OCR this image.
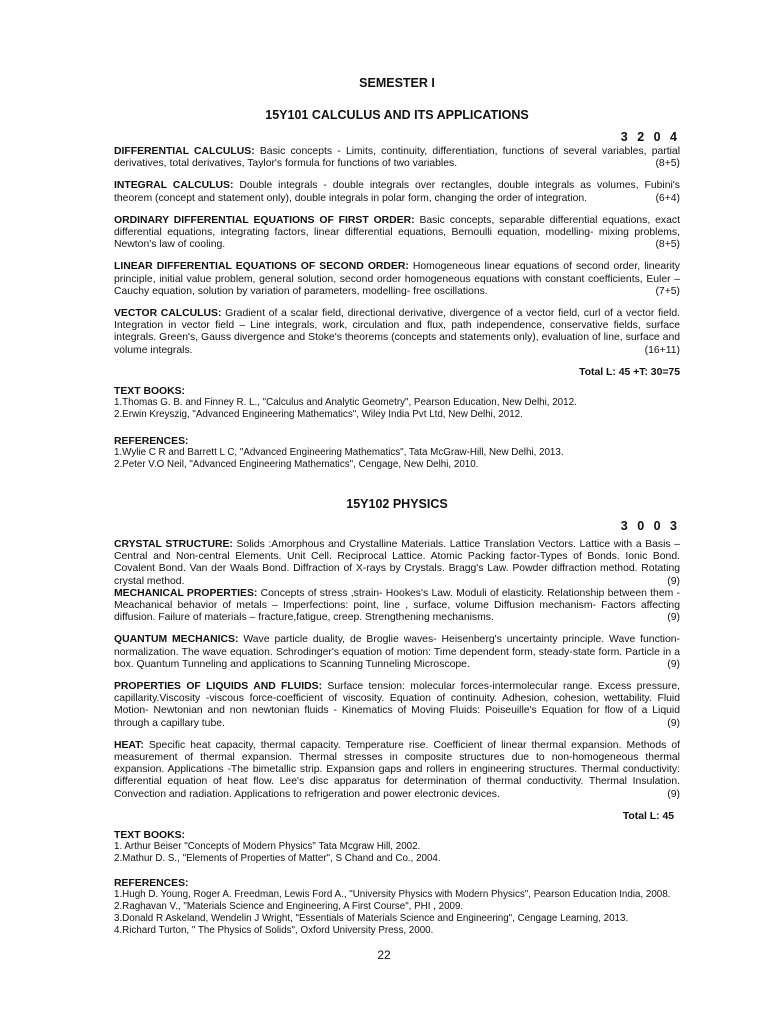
SEMESTER I
15Y101 CALCULUS AND ITS APPLICATIONS
3 2 0 4
DIFFERENTIAL CALCULUS: Basic concepts - Limits, continuity, differentiation, functions of several variables, partial derivatives, total derivatives, Taylor's formula for functions of two variables.	(8+5)
INTEGRAL CALCULUS: Double integrals - double integrals over rectangles, double integrals as volumes, Fubini's theorem (concept and statement only), double integrals in polar form, changing the order of integration.	(6+4)
ORDINARY DIFFERENTIAL EQUATIONS OF FIRST ORDER: Basic concepts, separable differential equations, exact differential equations, integrating factors, linear differential equations, Bernoulli equation, modelling- mixing problems, Newton's law of cooling.	(8+5)
LINEAR DIFFERENTIAL EQUATIONS OF SECOND ORDER: Homogeneous linear equations of second order, linearity principle, initial value problem, general solution, second order homogeneous equations with constant coefficients, Euler – Cauchy equation, solution by variation of parameters, modelling- free oscillations.	(7+5)
VECTOR CALCULUS: Gradient of a scalar field, directional derivative, divergence of a vector field, curl of a vector field. Integration in vector field – Line integrals, work, circulation and flux, path independence, conservative fields, surface integrals. Green's, Gauss divergence and Stoke's theorems (concepts and statements only), evaluation of line, surface and volume integrals.	(16+11)
Total L: 45 +T: 30=75
TEXT BOOKS:
1.Thomas G. B. and Finney R. L., "Calculus and Analytic Geometry", Pearson Education, New Delhi, 2012.
2.Erwin Kreyszig, "Advanced Engineering Mathematics", Wiley India Pvt Ltd, New Delhi, 2012.
REFERENCES:
1.Wylie C R and Barrett L C, "Advanced Engineering Mathematics", Tata McGraw-Hill, New Delhi, 2013.
2.Peter V.O Neil, "Advanced Engineering Mathematics", Cengage, New Delhi, 2010.
15Y102 PHYSICS
3 0 0 3
CRYSTAL STRUCTURE: Solids :Amorphous and Crystalline Materials. Lattice Translation Vectors. Lattice with a Basis – Central and Non-central Elements. Unit Cell. Reciprocal Lattice. Atomic Packing factor-Types of Bonds. Ionic Bond. Covalent Bond. Van der Waals Bond. Diffraction of X-rays by Crystals. Bragg's Law. Powder diffraction method. Rotating crystal method.	(9)
MECHANICAL PROPERTIES: Concepts of stress ,strain- Hookes's Law. Moduli of elasticity. Relationship between them - Meachanical behavior of metals – Imperfections: point, line , surface, volume Diffusion mechanism- Factors affecting diffusion. Failure of materials – fracture,fatigue, creep. Strengthening mechanisms.	(9)
QUANTUM MECHANICS: Wave particle duality, de Broglie waves- Heisenberg's uncertainty principle. Wave function-normalization. The wave equation. Schrodinger's equation of motion: Time dependent form, steady-state form. Particle in a box. Quantum Tunneling and applications to Scanning Tunneling Microscope.	(9)
PROPERTIES OF LIQUIDS AND FLUIDS: Surface tension: molecular forces-intermolecular range. Excess pressure, capillarity.Viscosity -viscous force-coefficient of viscosity. Equation of continuity. Adhesion, cohesion, wettability. Fluid Motion- Newtonian and non newtonian fluids - Kinematics of Moving Fluids: Poiseuille's Equation for flow of a Liquid through a capillary tube.	(9)
HEAT: Specific heat capacity, thermal capacity. Temperature rise. Coefficient of linear thermal expansion. Methods of measurement of thermal expansion. Thermal stresses in composite structures due to non-homogeneous thermal expansion. Applications -The bimetallic strip. Expansion gaps and rollers in engineering structures. Thermal conductivity: differential equation of heat flow. Lee's disc apparatus for determination of thermal conductivity. Thermal Insulation. Convection and radiation. Applications to refrigeration and power electronic devices.	(9)
Total L: 45
TEXT BOOKS:
1. Arthur Beiser "Concepts of Modern Physics" Tata Mcgraw Hill, 2002.
2.Mathur D. S., "Elements of Properties of Matter", S Chand and Co., 2004.
REFERENCES:
1.Hugh D. Young, Roger A. Freedman, Lewis Ford A., "University Physics with Modern Physics", Pearson Education India, 2008.
2.Raghavan V., "Materials Science and Engineering, A First Course", PHI , 2009.
3.Donald R Askeland, Wendelin J Wright, "Essentials of Materials Science and Engineering", Cengage Learning, 2013.
4.Richard Turton, " The Physics of Solids", Oxford University Press, 2000.
22
